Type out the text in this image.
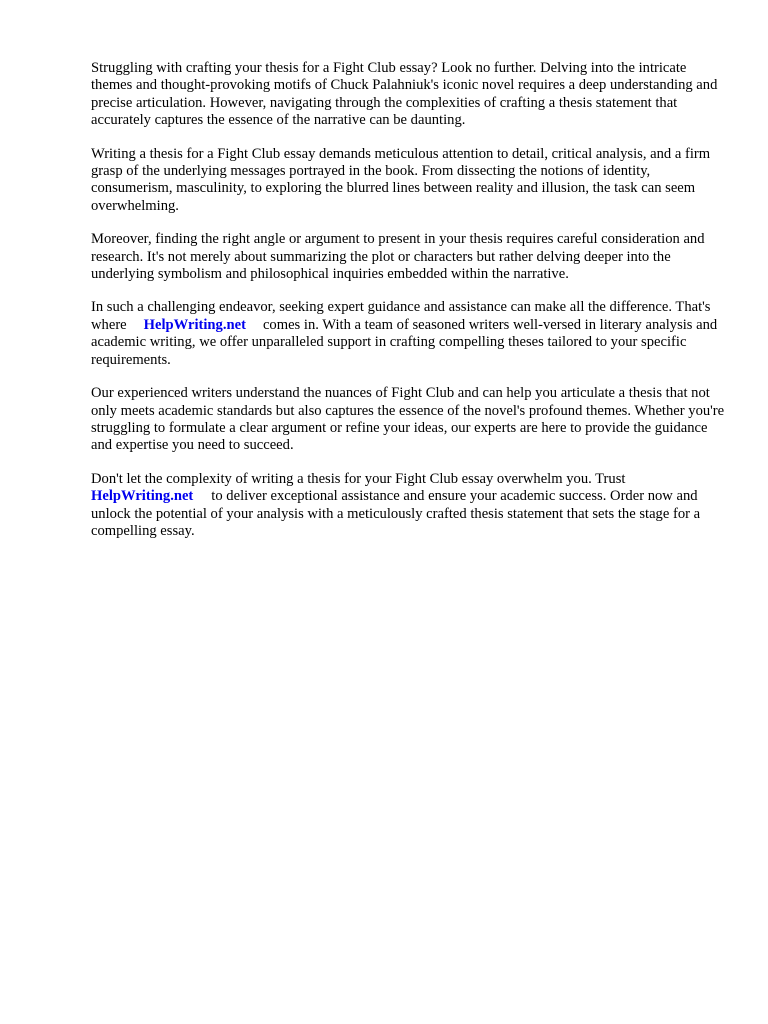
Struggling with crafting your thesis for a Fight Club essay? Look no further. Delving into the intricate themes and thought-provoking motifs of Chuck Palahniuk's iconic novel requires a deep understanding and precise articulation. However, navigating through the complexities of crafting a thesis statement that accurately captures the essence of the narrative can be daunting.

Writing a thesis for a Fight Club essay demands meticulous attention to detail, critical analysis, and a firm grasp of the underlying messages portrayed in the book. From dissecting the notions of identity, consumerism, masculinity, to exploring the blurred lines between reality and illusion, the task can seem overwhelming.

Moreover, finding the right angle or argument to present in your thesis requires careful consideration and research. It's not merely about summarizing the plot or characters but rather delving deeper into the underlying symbolism and philosophical inquiries embedded within the narrative.

In such a challenging endeavor, seeking expert guidance and assistance can make all the difference. That's where HelpWriting.net comes in. With a team of seasoned writers well-versed in literary analysis and academic writing, we offer unparalleled support in crafting compelling theses tailored to your specific requirements.

Our experienced writers understand the nuances of Fight Club and can help you articulate a thesis that not only meets academic standards but also captures the essence of the novel's profound themes. Whether you're struggling to formulate a clear argument or refine your ideas, our experts are here to provide the guidance and expertise you need to succeed.

Don't let the complexity of writing a thesis for your Fight Club essay overwhelm you. Trust
HelpWriting.net to deliver exceptional assistance and ensure your academic success. Order now and unlock the potential of your analysis with a meticulously crafted thesis statement that sets the stage for a compelling essay.
